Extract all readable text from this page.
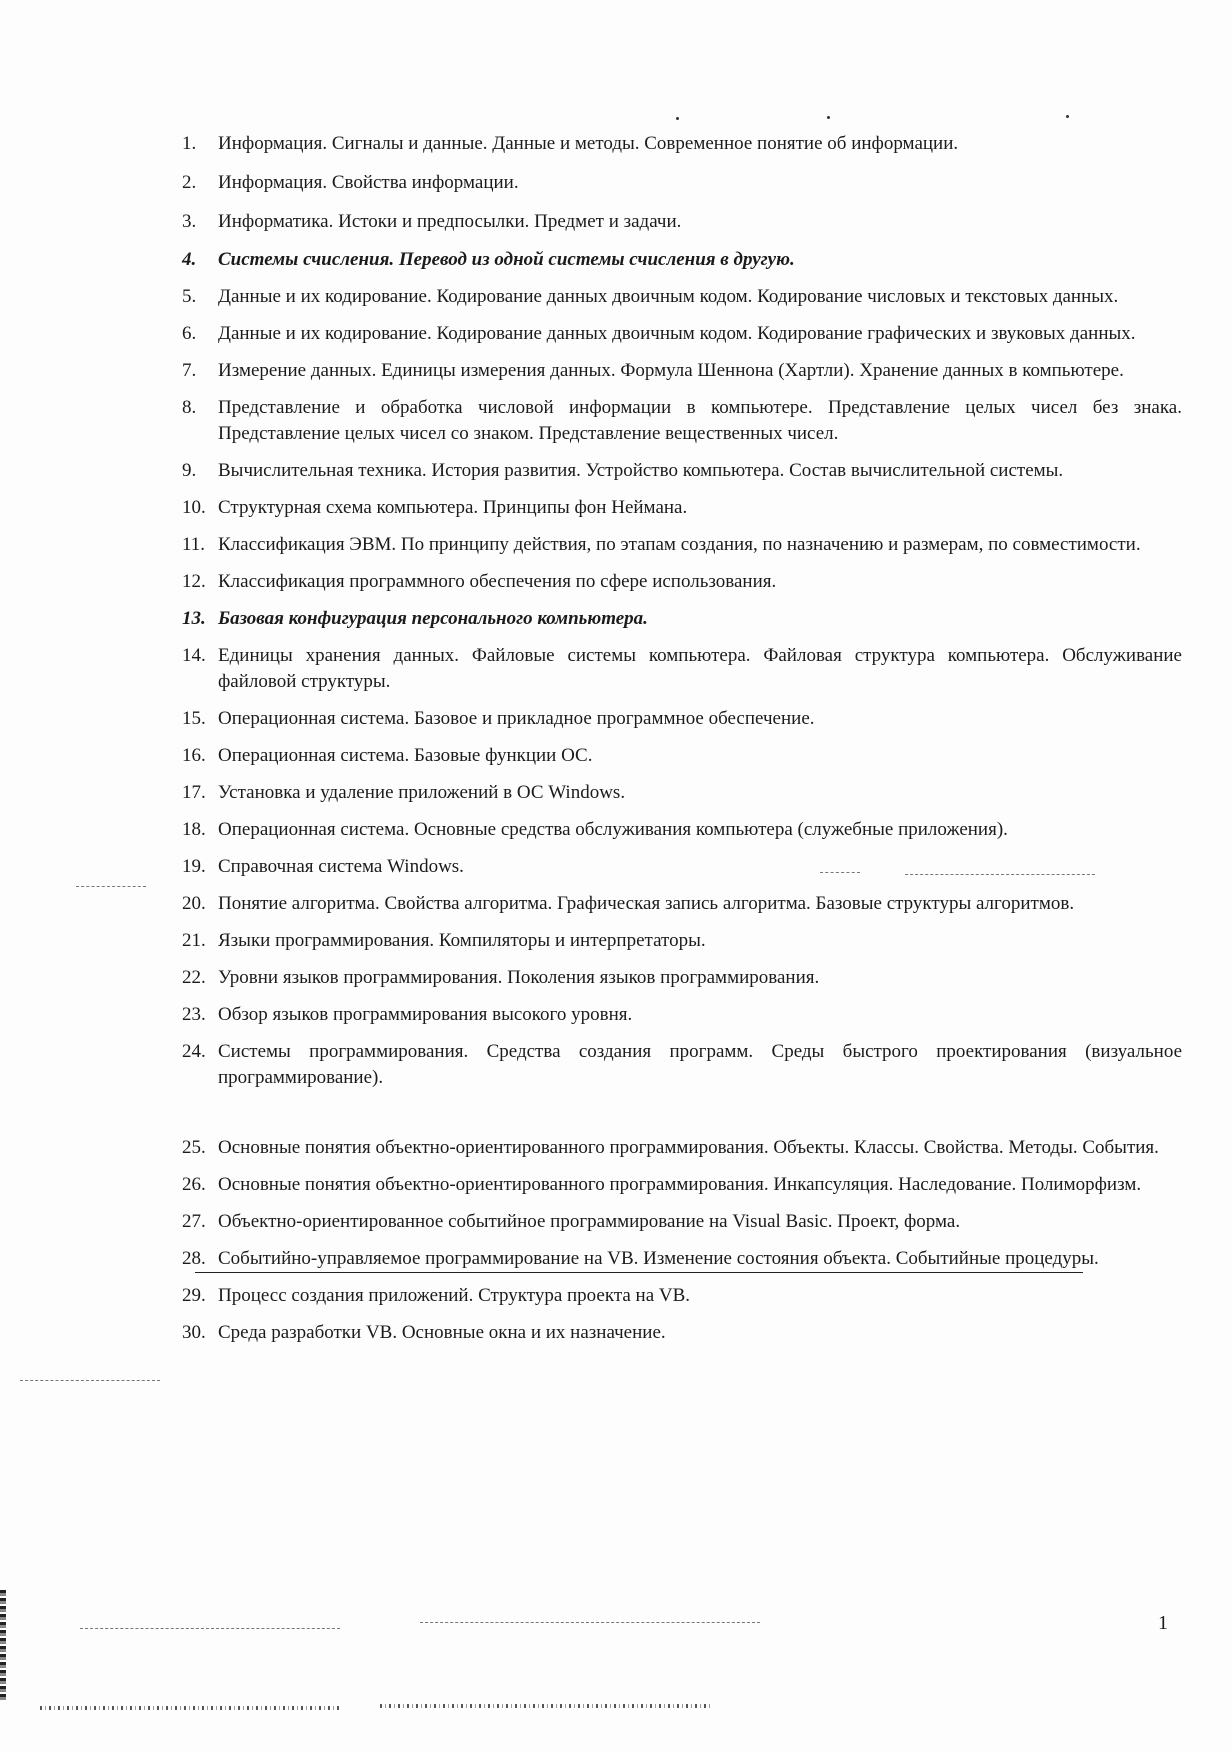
1.	Информация. Сигналы и данные. Данные и методы. Современное понятие об информации.
2.	Информация. Свойства информации.
3.	Информатика. Истоки и предпосылки. Предмет и задачи.
4.	Системы счисления. Перевод из одной системы счисления в другую.
5.	Данные и их кодирование. Кодирование данных двоичным кодом. Кодирование числовых и текстовых данных.
6.	Данные и их кодирование. Кодирование данных двоичным кодом. Кодирование графических и звуковых данных.
7.	Измерение данных. Единицы измерения данных. Формула Шеннона (Хартли). Хранение данных в компьютере.
8.	Представление и обработка числовой информации в компьютере. Представление целых чисел без знака. Представление целых чисел со знаком. Представление вещественных чисел.
9.	Вычислительная техника. История развития. Устройство компьютера. Состав вычислительной системы.
10. Структурная схема компьютера. Принципы фон Неймана.
11. Классификация ЭВМ. По принципу действия, по этапам создания, по назначению и размерам, по совместимости.
12. Классификация программного обеспечения по сфере использования.
13. Базовая конфигурация персонального компьютера.
14. Единицы хранения данных. Файловые системы компьютера. Файловая структура компьютера. Обслуживание файловой структуры.
15. Операционная система. Базовое и прикладное программное обеспечение.
16. Операционная система. Базовые функции ОС.
17. Установка и удаление приложений в ОС Windows.
18. Операционная система. Основные средства обслуживания компьютера (служебные приложения).
19. Справочная система Windows.
20. Понятие алгоритма. Свойства алгоритма. Графическая запись алгоритма. Базовые структуры алгоритмов.
21. Языки программирования. Компиляторы и интерпретаторы.
22. Уровни языков программирования. Поколения языков программирования.
23. Обзор языков программирования высокого уровня.
24. Системы программирования. Средства создания программ. Среды быстрого проектирования (визуальное программирование).
25. Основные понятия объектно-ориентированного программирования. Объекты. Классы. Свойства. Методы. События.
26. Основные понятия объектно-ориентированного программирования. Инкапсуляция. Наследование. Полиморфизм.
27. Объектно-ориентированное событийное программирование на Visual Basic. Проект, форма.
28. Событийно-управляемое программирование на VB. Изменение состояния объекта. Событийные процедуры.
29. Процесс создания приложений. Структура проекта на VB.
30. Среда разработки VB. Основные окна и их назначение.
1
